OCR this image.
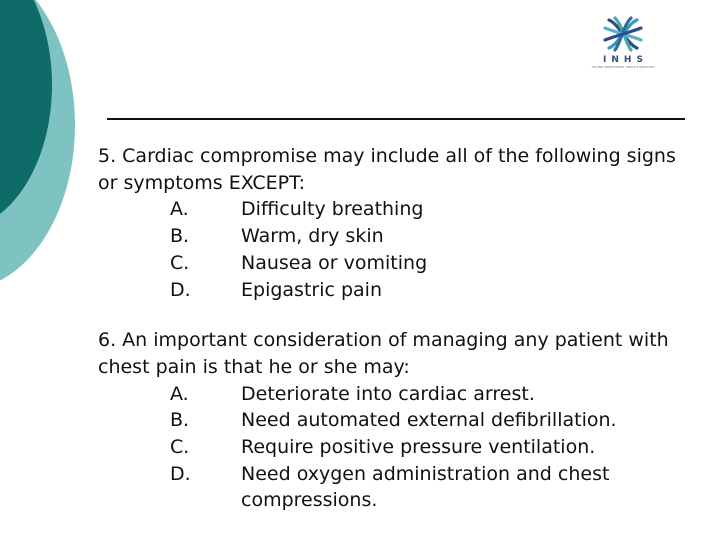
INHS
INLAND NORTHWEST HEALTH SERVICES

5. Cardiac compromise may include all of the following signs or symptoms EXCEPT:

A.	Difficulty breathing
B.	Warm, dry skin
C.	Nausea or vomiting
D.	Epigastric pain

6. An important consideration of managing any patient with chest pain is that he or she may:

A.	Deteriorate into cardiac arrest.
B.	Need automated external defibrillation.
C.	Require positive pressure ventilation.
D.	Need oxygen administration and chest compressions.
